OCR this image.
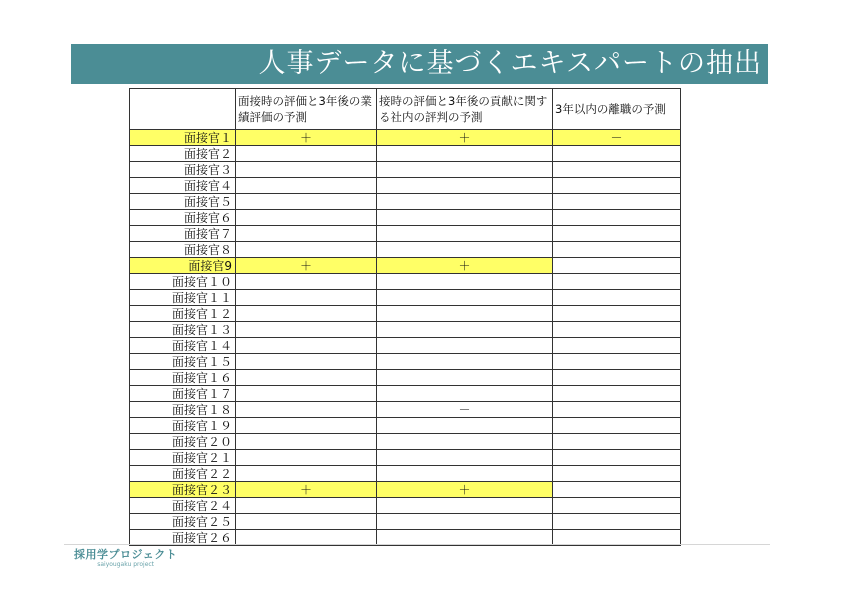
人事データに基づくエキスパートの抽出
	面接時の評価と3年後の業績評価の予測	接時の評価と3年後の貢献に関する社内の評判の予測	3年以内の離職の予測
面接官１	＋	＋	－
面接官２			
面接官３			
面接官４			
面接官５			
面接官６			
面接官７			
面接官８			
面接官9	＋	＋	
面接官１０			
面接官１１			
面接官１２			
面接官１３			
面接官１４			
面接官１５			
面接官１６			
面接官１７			
面接官１８		－	
面接官１９			
面接官２０			
面接官２１			
面接官２２			
面接官２３	＋	＋	
面接官２４			
面接官２５			
面接官２６			
採用学プロジェクト
saiyougaku project
